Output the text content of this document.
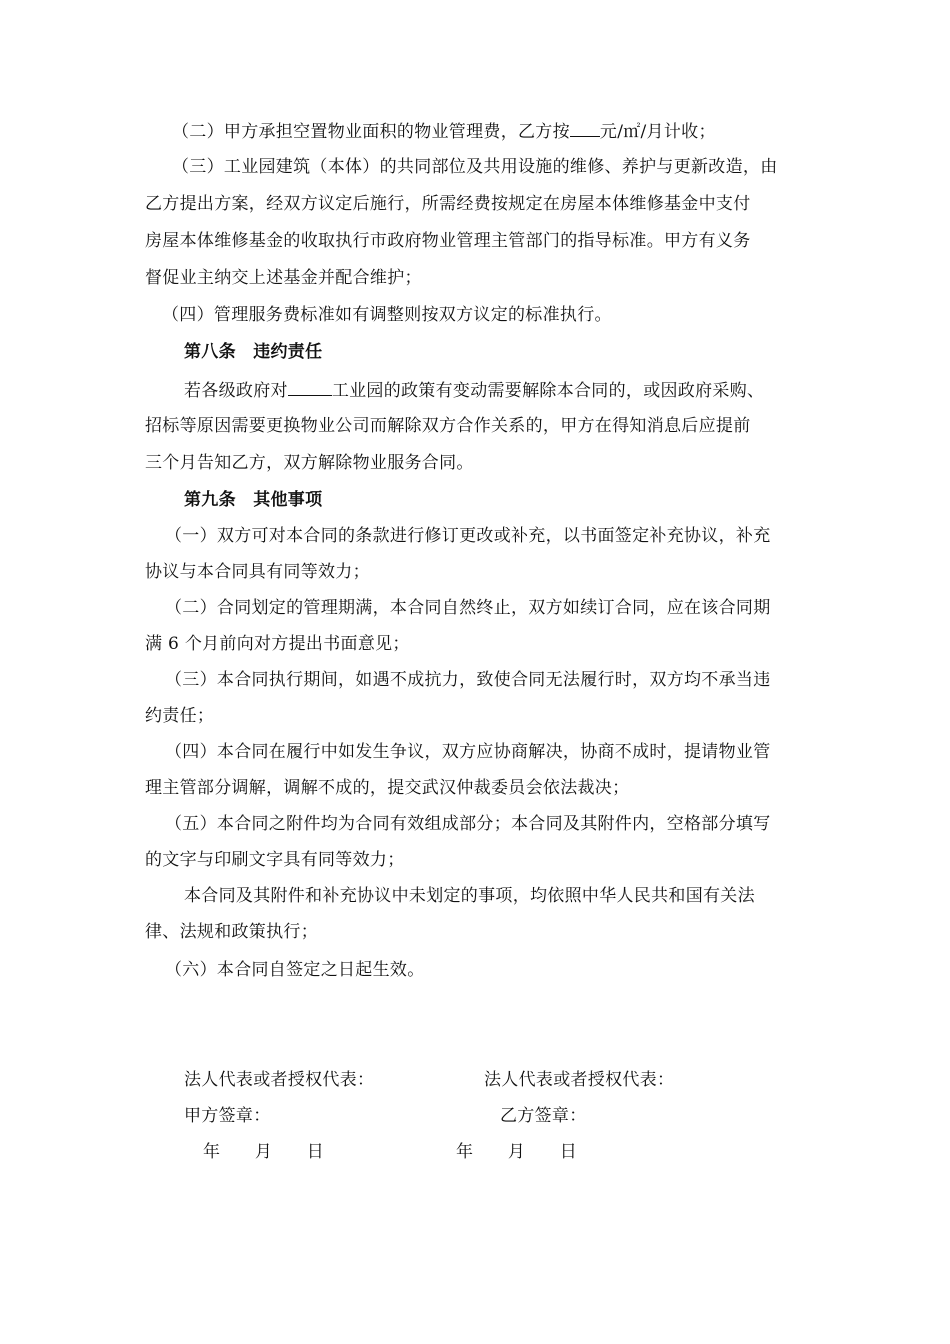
（二）甲方承担空置物业面积的物业管理费，乙方按 元/㎡/月计收；
（三）工业园建筑（本体）的共同部位及共用设施的维修、养护与更新改造，由
乙方提出方案，经双方议定后施行，所需经费按规定在房屋本体维修基金中支付
房屋本体维修基金的收取执行市政府物业管理主管部门的指导标准。甲方有义务
督促业主纳交上述基金并配合维护；
（四）管理服务费标准如有调整则按双方议定的标准执行。
第八条　违约责任
若各级政府对	工业园的政策有变动需要解除本合同的，或因政府采购、
招标等原因需要更换物业公司而解除双方合作关系的，甲方在得知消息后应提前
三个月告知乙方，双方解除物业服务合同。
第九条　其他事项
（一）双方可对本合同的条款进行修订更改或补充，以书面签定补充协议，补充
协议与本合同具有同等效力；
（二）合同划定的管理期满，本合同自然终止，双方如续订合同，应在该合同期
满 6 个月前向对方提出书面意见；
（三）本合同执行期间，如遇不成抗力，致使合同无法履行时，双方均不承当违
约责任；
（四）本合同在履行中如发生争议，双方应协商解决，协商不成时，提请物业管
理主管部分调解，调解不成的，提交武汉仲裁委员会依法裁决；
（五）本合同之附件均为合同有效组成部分；本合同及其附件内，空格部分填写
的文字与印刷文字具有同等效力；
本合同及其附件和补充协议中未划定的事项，均依照中华人民共和国有关法
律、法规和政策执行；
（六）本合同自签定之日起生效。
法人代表或者授权代表：	法人代表或者授权代表：
甲方签章：	乙方签章：
年　　月　　日	年　　月　　日
